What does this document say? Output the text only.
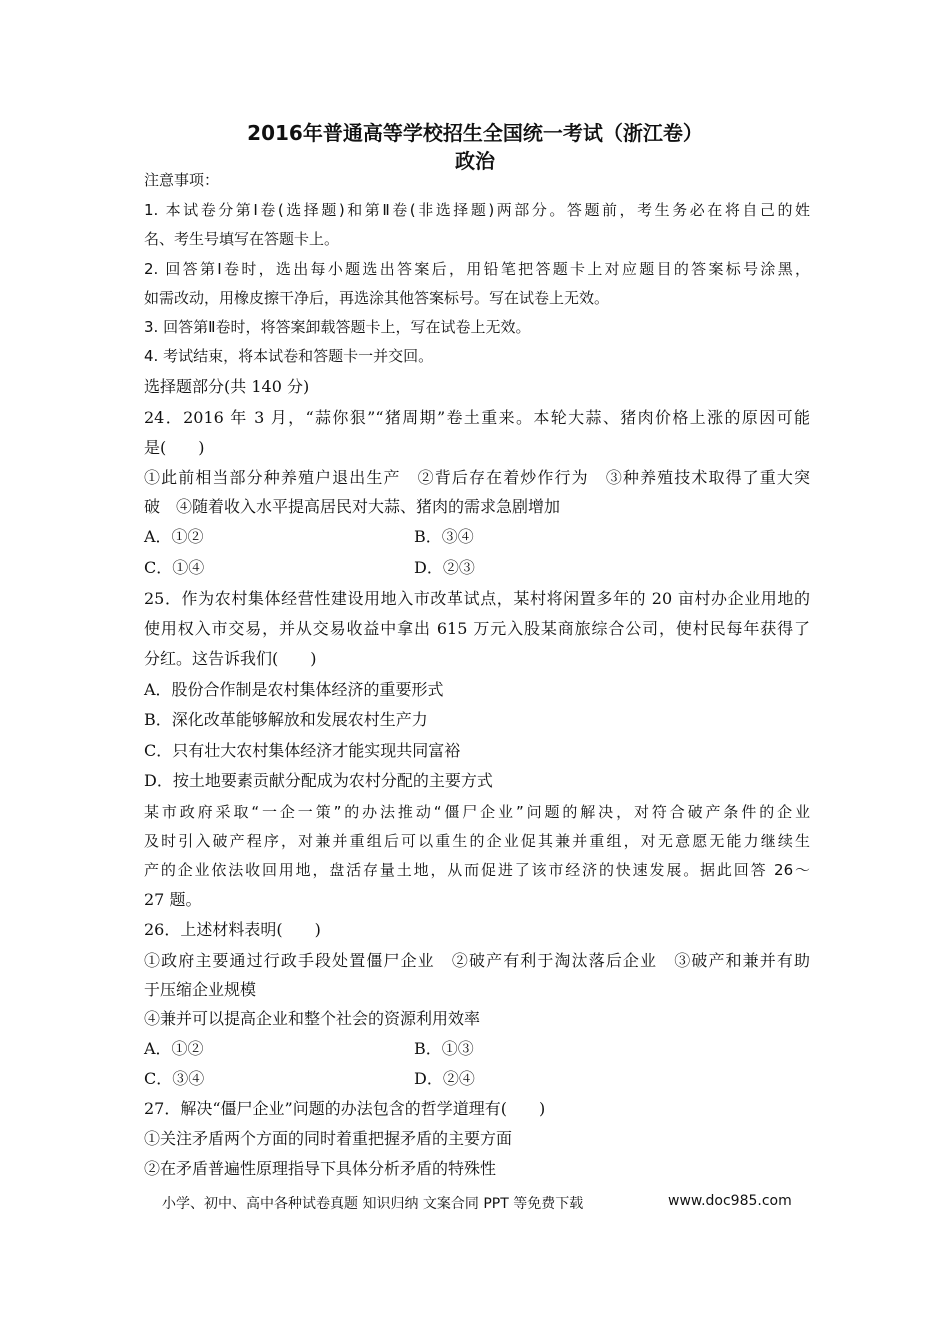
2016年普通高等学校招生全国统一考试（浙江卷）
政治
注意事项：
1. 本试卷分第Ⅰ卷(选择题)和第Ⅱ卷(非选择题)两部分。答题前，考生务必在将自己的姓
名、考生号填写在答题卡上。
2. 回答第Ⅰ卷时，选出每小题选出答案后，用铅笔把答题卡上对应题目的答案标号涂黑，
如需改动，用橡皮擦干净后，再选涂其他答案标号。写在试卷上无效。
3. 回答第Ⅱ卷时，将答案卸载答题卡上，写在试卷上无效。
4. 考试结束，将本试卷和答题卡一并交回。
选择题部分(共 140 分)
24．2016 年 3 月，“蒜你狠”“猪周期”卷土重来。本轮大蒜、猪肉价格上涨的原因可能
是(　　)
①此前相当部分种养殖户退出生产　②背后存在着炒作行为　③种养殖技术取得了重大突
破　④随着收入水平提高居民对大蒜、猪肉的需求急剧增加
A．①②	B．③④
C．①④	D．②③
25．作为农村集体经营性建设用地入市改革试点，某村将闲置多年的 20 亩村办企业用地的
使用权入市交易，并从交易收益中拿出 615 万元入股某商旅综合公司，使村民每年获得了
分红。这告诉我们(　　)
A．股份合作制是农村集体经济的重要形式
B．深化改革能够解放和发展农村生产力
C．只有壮大农村集体经济才能实现共同富裕
D．按土地要素贡献分配成为农村分配的主要方式
某市政府采取“一企一策”的办法推动“僵尸企业”问题的解决，对符合破产条件的企业
及时引入破产程序，对兼并重组后可以重生的企业促其兼并重组，对无意愿无能力继续生
产的企业依法收回用地，盘活存量土地，从而促进了该市经济的快速发展。据此回答 26～
27 题。
26．上述材料表明(　　)
①政府主要通过行政手段处置僵尸企业　②破产有利于淘汰落后企业　③破产和兼并有助
于压缩企业规模
④兼并可以提高企业和整个社会的资源利用效率
A．①②	B．①③
C．③④	D．②④
27．解决“僵尸企业”问题的办法包含的哲学道理有(　　)
①关注矛盾两个方面的同时着重把握矛盾的主要方面
②在矛盾普遍性原理指导下具体分析矛盾的特殊性
小学、初中、高中各种试卷真题 知识归纳 文案合同 PPT 等免费下载	www.doc985.com
